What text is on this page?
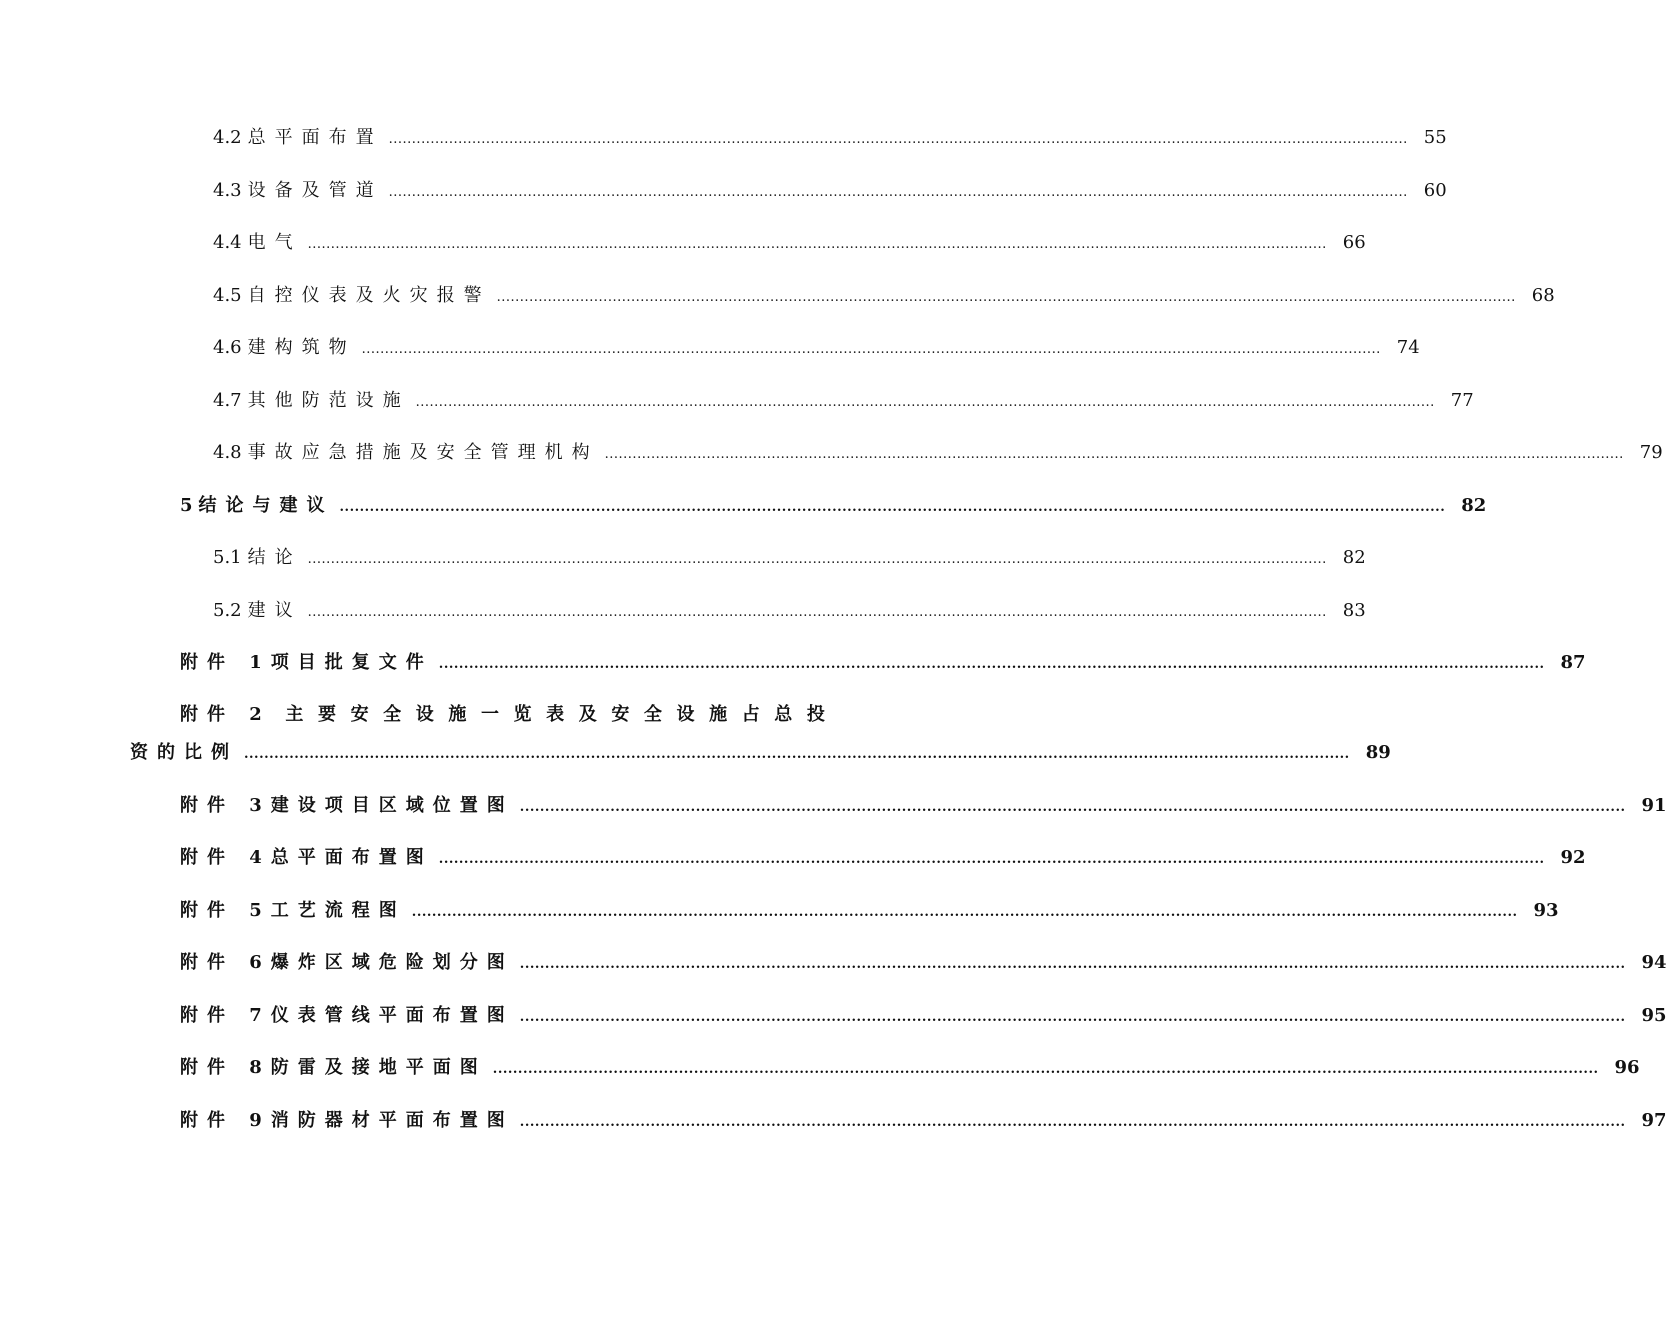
4.2 总平面布置 ............................................................................................................................................................................................................................ 55
4.3 设备及管道 ............................................................................................................................................................................................................................ 60
4.4 电气 ............................................................................................................................................................................................................................ 66
4.5 自控仪表及火灾报警 ............................................................................................................................................................................................................................ 68
4.6 建构筑物 ............................................................................................................................................................................................................................ 74
4.7 其他防范设施 ............................................................................................................................................................................................................................ 77
4.8 事故应急措施及安全管理机构 ............................................................................................................................................................................................................................ 79
5 结论与建议 ............................................................................................................................................................................................................................ 82
5.1 结论 ............................................................................................................................................................................................................................ 82
5.2 建议 ............................................................................................................................................................................................................................ 83
附件 1项目批复文件 ............................................................................................................................................................................................................................ 87
附件 2 主 要 安 全 设 施 一 览 表 及 安 全 设 施 占 总 投
资的比例 ............................................................................................................................................................................................................................ 89
附件 3建设项目区域位置图 ............................................................................................................................................................................................................................ 91
附件 4总平面布置图 ............................................................................................................................................................................................................................ 92
附件 5工艺流程图 ............................................................................................................................................................................................................................ 93
附件 6爆炸区域危险划分图 ............................................................................................................................................................................................................................ 94
附件 7仪表管线平面布置图 ............................................................................................................................................................................................................................ 95
附件 8防雷及接地平面图 ............................................................................................................................................................................................................................ 96
附件 9消防器材平面布置图 ............................................................................................................................................................................................................................ 97
